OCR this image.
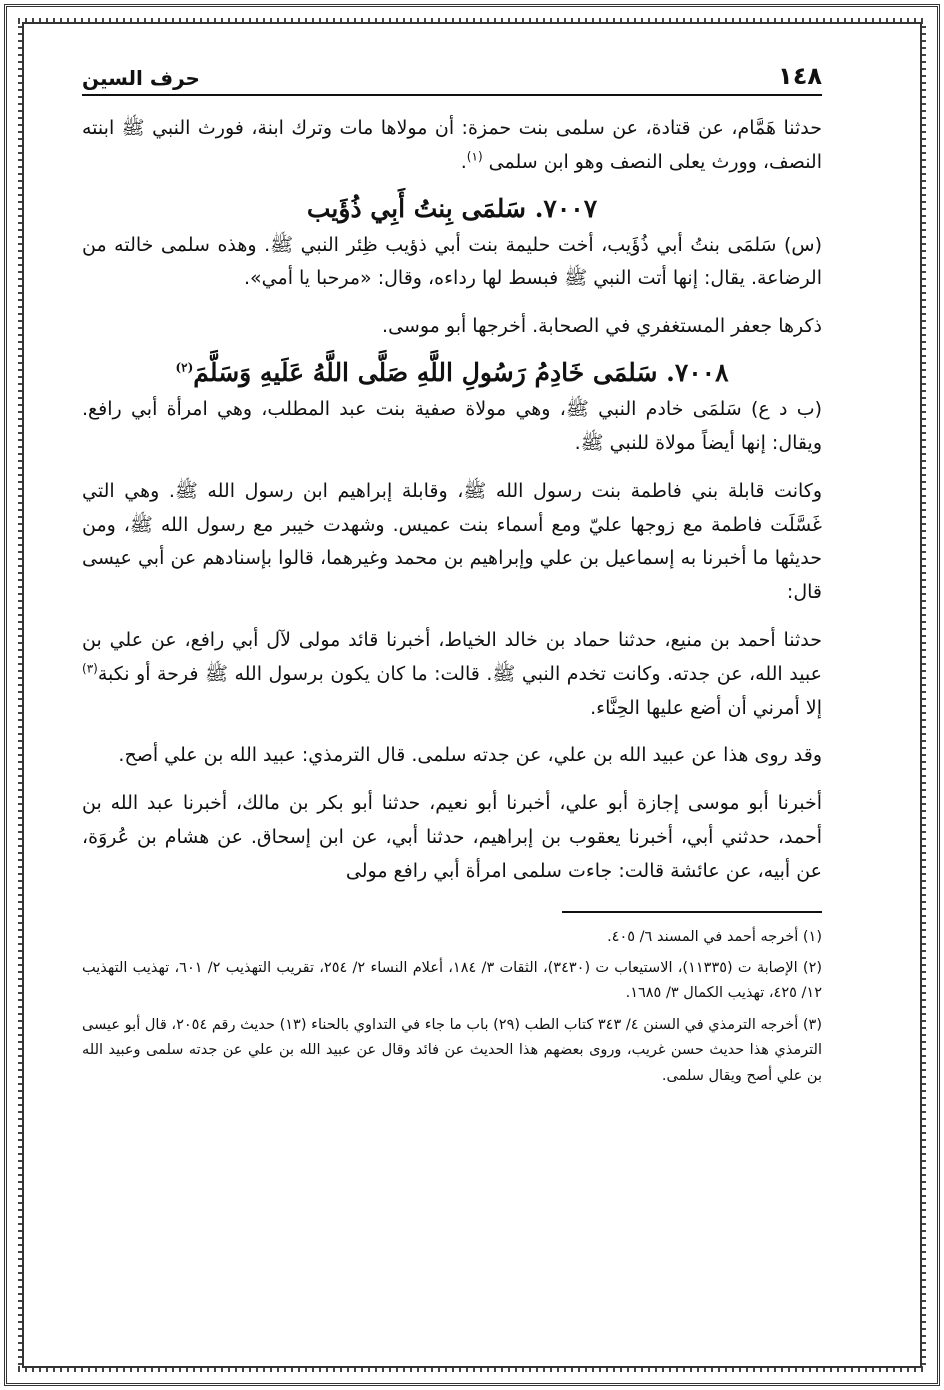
١٤٨
حرف السين

حدثنا هَمَّام، عن قتادة، عن سلمى بنت حمزة: أن مولاها مات وترك ابنة، فورث النبي ﷺ ابنته النصف، وورث يعلى النصف وهو ابن سلمى $^{(١)}$.

٧٠٠٧. سَلمَى بِنتُ أَبِي ذُؤَيب

(س) سَلمَى بنتُ أبي ذُؤَيب، أخت حليمة بنت أبي ذؤيب ظِئر النبي ﷺ. وهذه سلمى خالته من الرضاعة. يقال: إنها أتت النبي ﷺ فبسط لها رداءه، وقال: «مرحبا يا أمي».

ذكرها جعفر المستغفري في الصحابة. أخرجها أبو موسى.

٧٠٠٨. سَلمَى خَادِمُ رَسُولِ اللَّهِ صَلَّى اللَّهُ عَلَيهِ وَسَلَّمَ$^{(٢)}$

(ب د ع) سَلمَى خادم النبي ﷺ، وهي مولاة صفية بنت عبد المطلب، وهي امرأة أبي رافع. ويقال: إنها أيضاً مولاة للنبي ﷺ.

وكانت قابلة بني فاطمة بنت رسول الله ﷺ، وقابلة إبراهيم ابن رسول الله ﷺ. وهي التي غَسَّلَت فاطمة مع زوجها عليّ ومع أسماء بنت عميس. وشهدت خيبر مع رسول الله ﷺ، ومن حديثها ما أخبرنا به إسماعيل بن علي وإبراهيم بن محمد وغيرهما، قالوا بإسنادهم عن أبي عيسى قال:

حدثنا أحمد بن منيع، حدثنا حماد بن خالد الخياط، أخبرنا قائد مولى لآل أبي رافع، عن علي بن عبيد الله، عن جدته. وكانت تخدم النبي ﷺ. قالت: ما كان يكون برسول الله ﷺ فرحة أو نكبة$^{(٣)}$ إلا أمرني أن أضع عليها الحِنَّاء.

وقد روى هذا عن عبيد الله بن علي، عن جدته سلمى. قال الترمذي: عبيد الله بن علي أصح.

أخبرنا أبو موسى إجازة أبو علي، أخبرنا أبو نعيم، حدثنا أبو بكر بن مالك، أخبرنا عبد الله بن أحمد، حدثني أبي، أخبرنا يعقوب بن إبراهيم، حدثنا أبي، عن ابن إسحاق. عن هشام بن عُروَة، عن أبيه، عن عائشة قالت: جاءت سلمى امرأة أبي رافع مولى

(١) أخرجه أحمد في المسند ٦/ ٤٠٥.
(٢) الإصابة ت (١١٣٣٥)، الاستيعاب ت (٣٤٣٠)، الثقات ٣/ ١٨٤، أعلام النساء ٢/ ٢٥٤، تقريب التهذيب ٢/ ٦٠١، تهذيب التهذيب ١٢/ ٤٢٥، تهذيب الكمال ٣/ ١٦٨٥.
(٣) أخرجه الترمذي في السنن ٤/ ٣٤٣ كتاب الطب (٢٩) باب ما جاء في التداوي بالحناء (١٣) حديث رقم ٢٠٥٤، قال أبو عيسى الترمذي هذا حديث حسن غريب، وروى بعضهم هذا الحديث عن فائد وقال عن عبيد الله بن علي عن جدته سلمى وعبيد الله بن علي أصح ويقال سلمى.
